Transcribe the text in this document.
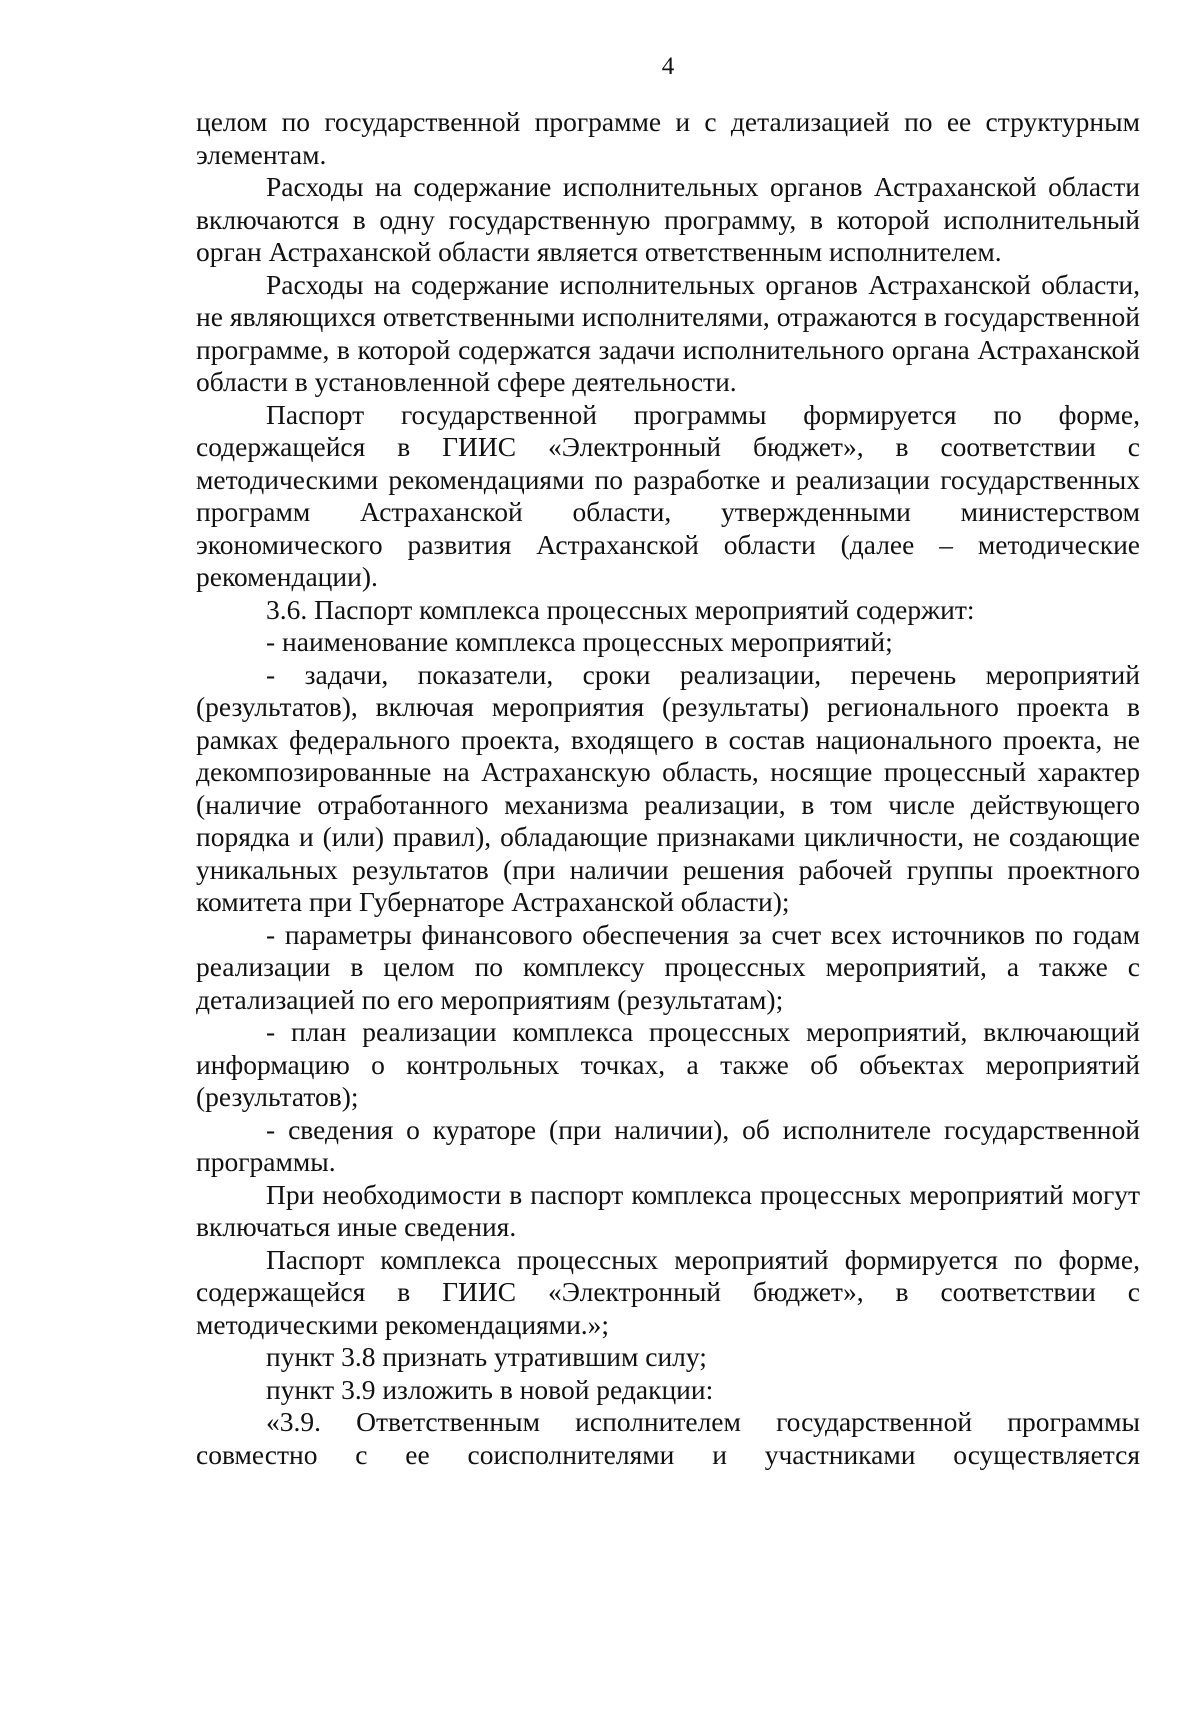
4

целом по государственной программе и с детализацией по ее структурным элементам.

Расходы на содержание исполнительных органов Астраханской области включаются в одну государственную программу, в которой исполнительный орган Астраханской области является ответственным исполнителем.

Расходы на содержание исполнительных органов Астраханской области, не являющихся ответственными исполнителями, отражаются в государственной программе, в которой содержатся задачи исполнительного органа Астраханской области в установленной сфере деятельности.

Паспорт государственной программы формируется по форме, содержащейся в ГИИС «Электронный бюджет», в соответствии с методическими рекомендациями по разработке и реализации государственных программ Астраханской области, утвержденными министерством экономического развития Астраханской области (далее – методические рекомендации).

3.6. Паспорт комплекса процессных мероприятий содержит:

- наименование комплекса процессных мероприятий;

- задачи, показатели, сроки реализации, перечень мероприятий (результатов), включая мероприятия (результаты) регионального проекта в рамках федерального проекта, входящего в состав национального проекта, не декомпозированные на Астраханскую область, носящие процессный характер (наличие отработанного механизма реализации, в том числе действующего порядка и (или) правил), обладающие признаками цикличности, не создающие уникальных результатов (при наличии решения рабочей группы проектного комитета при Губернаторе Астраханской области);

- параметры финансового обеспечения за счет всех источников по годам реализации в целом по комплексу процессных мероприятий, а также с детализацией по его мероприятиям (результатам);

- план реализации комплекса процессных мероприятий, включающий информацию о контрольных точках, а также об объектах мероприятий (результатов);

- сведения о кураторе (при наличии), об исполнителе государственной программы.

При необходимости в паспорт комплекса процессных мероприятий могут включаться иные сведения.

Паспорт комплекса процессных мероприятий формируется по форме, содержащейся в ГИИС «Электронный бюджет», в соответствии с методическими рекомендациями.»;

пункт 3.8 признать утратившим силу;

пункт 3.9 изложить в новой редакции:

«3.9. Ответственным исполнителем государственной программы совместно с ее соисполнителями и участниками осуществляется
